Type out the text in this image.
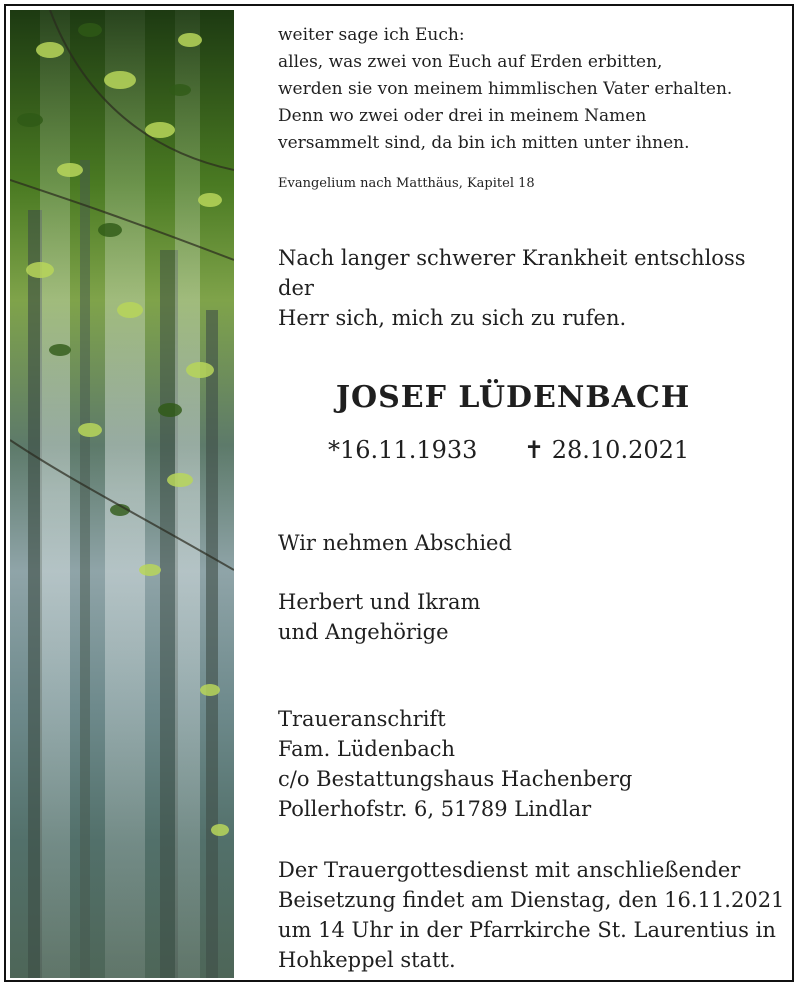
weiter sage ich Euch:
alles, was zwei von Euch auf Erden erbitten,
werden sie von meinem himmlischen Vater erhalten.
Denn wo zwei oder drei in meinem Namen
versammelt sind, da bin ich mitten unter ihnen.

Evangelium nach Matthäus, Kapitel 18

Nach langer schwerer Krankheit entschloss der
Herr sich, mich zu sich zu rufen.

JOSEF LÜDENBACH

*16.11.1933 ✝ 28.10.2021

Wir nehmen Abschied

Herbert und Ikram
und Angehörige

Traueranschrift
Fam. Lüdenbach
c/o Bestattungshaus Hachenberg
Pollerhofstr. 6, 51789 Lindlar

Der Trauergottesdienst mit anschließender
Beisetzung findet am Dienstag, den 16.11.2021
um 14 Uhr in der Pfarrkirche St. Laurentius in
Hohkeppel statt.
